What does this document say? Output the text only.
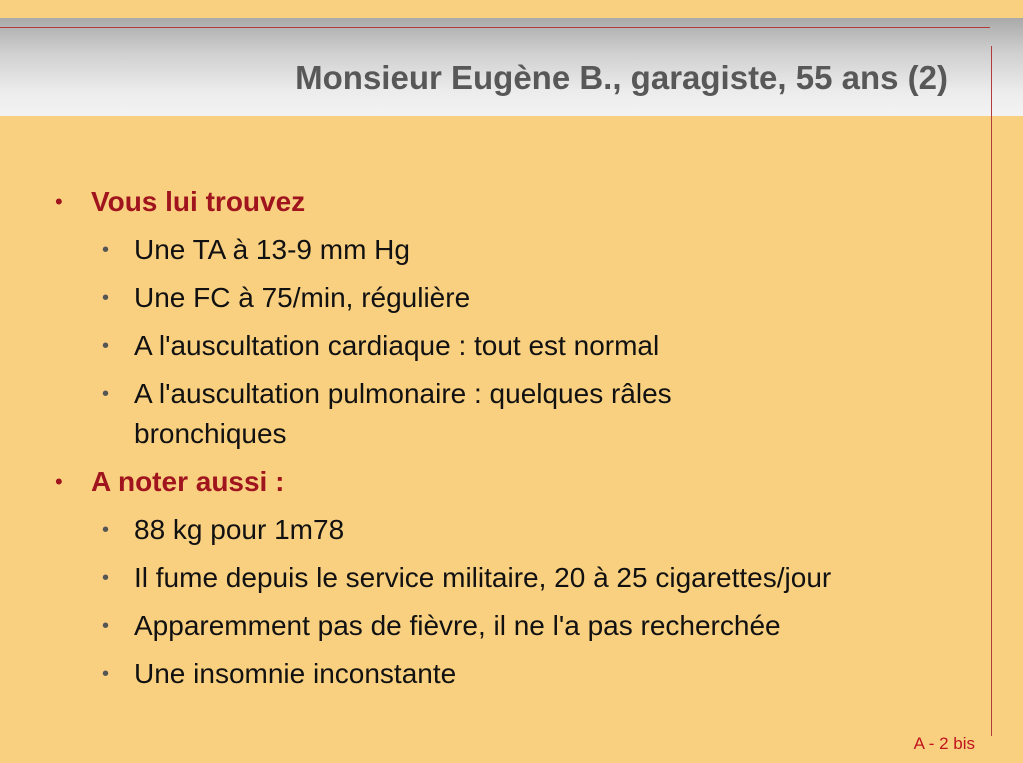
Monsieur Eugène B., garagiste, 55 ans (2)
• Vous lui trouvez
• Une TA à 13-9 mm Hg
• Une FC à 75/min, régulière
• A l'auscultation cardiaque : tout est normal
• A l'auscultation pulmonaire : quelques râles bronchiques
• A noter aussi :
• 88 kg pour 1m78
• Il fume depuis le service militaire, 20 à 25 cigarettes/jour
• Apparemment pas de fièvre, il ne l'a pas recherchée
• Une insomnie inconstante
A - 2 bis
